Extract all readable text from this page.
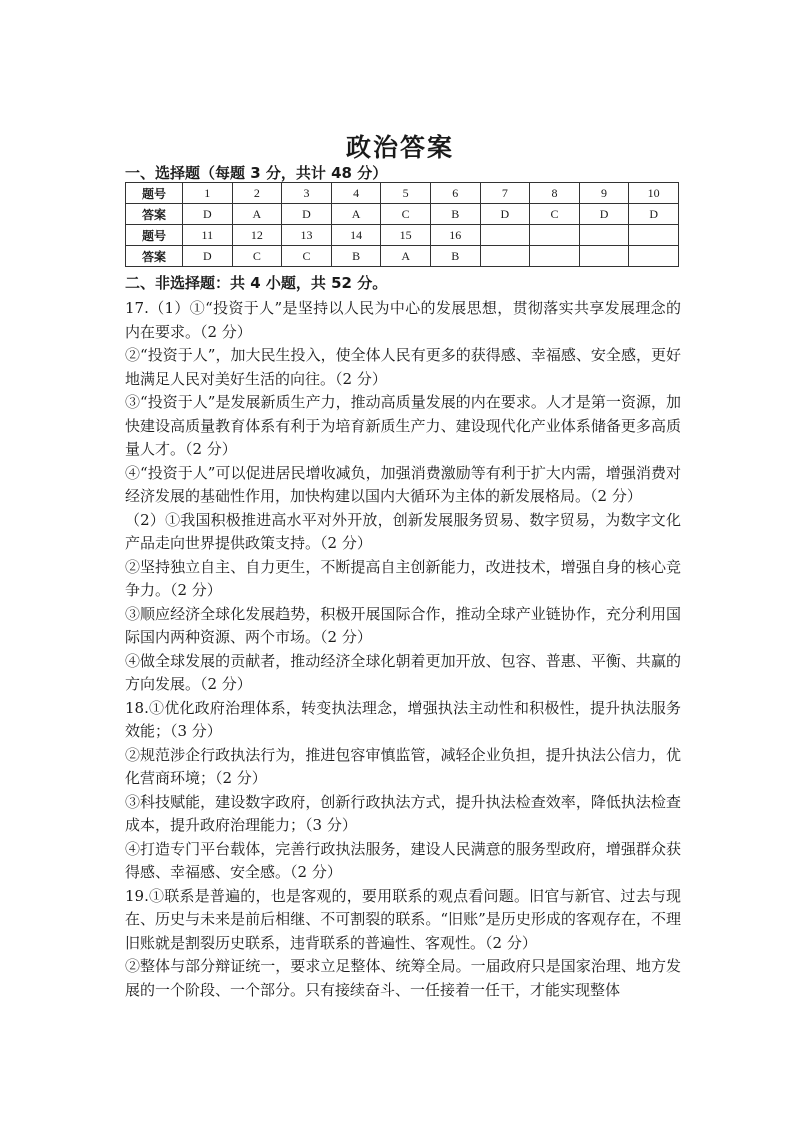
政治答案
一、选择题（每题 3 分，共计 48 分）
题号	1	2	3	4	5	6	7	8	9	10
答案	D	A	D	A	C	B	D	C	D	D
题号	11	12	13	14	15	16				
答案	D	C	C	B	A	B				
二、非选择题：共 4 小题，共 52 分。

17.（1）①“投资于人”是坚持以人民为中心的发展思想，贯彻落实共享发展理念的内在要求。（2 分）

②“投资于人”，加大民生投入，使全体人民有更多的获得感、幸福感、安全感，更好地满足人民对美好生活的向往。（2 分）

③“投资于人”是发展新质生产力，推动高质量发展的内在要求。人才是第一资源，加快建设高质量教育体系有利于为培育新质生产力、建设现代化产业体系储备更多高质量人才。（2 分）

④“投资于人”可以促进居民增收减负，加强消费激励等有利于扩大内需，增强消费对经济发展的基础性作用，加快构建以国内大循环为主体的新发展格局。（2 分）

（2）①我国积极推进高水平对外开放，创新发展服务贸易、数字贸易，为数字文化产品走向世界提供政策支持。（2 分）

②坚持独立自主、自力更生，不断提高自主创新能力，改进技术，增强自身的核心竞争力。（2 分）

③顺应经济全球化发展趋势，积极开展国际合作，推动全球产业链协作，充分利用国际国内两种资源、两个市场。（2 分）

④做全球发展的贡献者，推动经济全球化朝着更加开放、包容、普惠、平衡、共赢的方向发展。（2 分）

18.①优化政府治理体系，转变执法理念，增强执法主动性和积极性，提升执法服务效能；（3 分）

②规范涉企行政执法行为，推进包容审慎监管，减轻企业负担，提升执法公信力，优化营商环境；（2 分）

③科技赋能，建设数字政府，创新行政执法方式，提升执法检查效率，降低执法检查成本，提升政府治理能力；（3 分）

④打造专门平台载体，完善行政执法服务，建设人民满意的服务型政府，增强群众获得感、幸福感、安全感。（2 分）

19.①联系是普遍的，也是客观的，要用联系的观点看问题。旧官与新官、过去与现在、历史与未来是前后相继、不可割裂的联系。“旧账”是历史形成的客观存在，不理旧账就是割裂历史联系，违背联系的普遍性、客观性。（2 分）

②整体与部分辩证统一，要求立足整体、统筹全局。一届政府只是国家治理、地方发展的一个阶段、一个部分。只有接续奋斗、一任接着一任干，才能实现整体
